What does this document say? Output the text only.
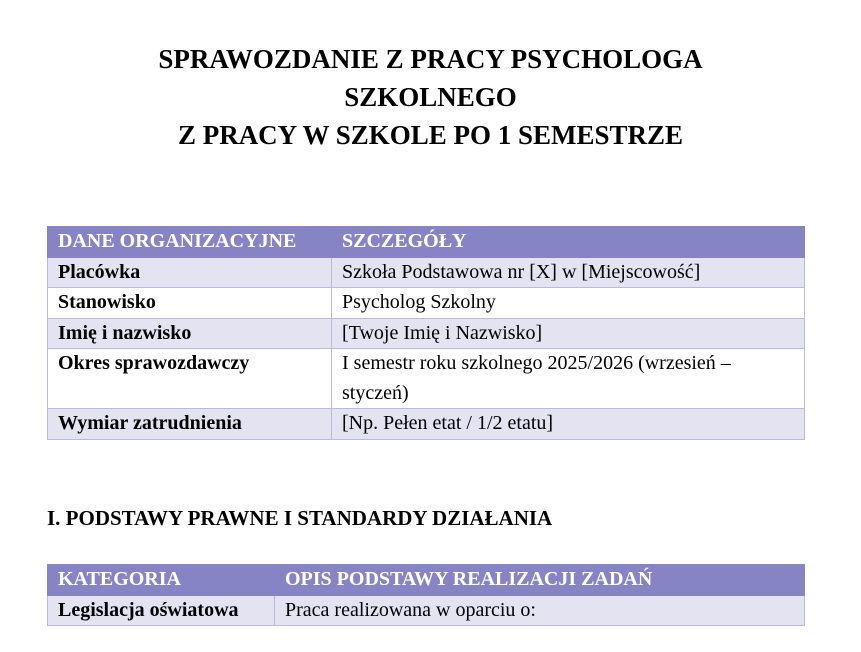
SPRAWOZDANIE Z PRACY PSYCHOLOGA
SZKOLNEGO
Z PRACY W SZKOLE PO 1 SEMESTRZE
DANE ORGANIZACYJNE	SZCZEGÓŁY
Placówka	Szkoła Podstawowa nr [X] w [Miejscowość]
Stanowisko	Psycholog Szkolny
Imię i nazwisko	[Twoje Imię i Nazwisko]
Okres sprawozdawczy	I semestr roku szkolnego 2025/2026 (wrzesień – styczeń)
Wymiar zatrudnienia	[Np. Pełen etat / 1/2 etatu]
I. PODSTAWY PRAWNE I STANDARDY DZIAŁANIA
KATEGORIA	OPIS PODSTAWY REALIZACJI ZADAŃ
Legislacja oświatowa	Praca realizowana w oparciu o:
